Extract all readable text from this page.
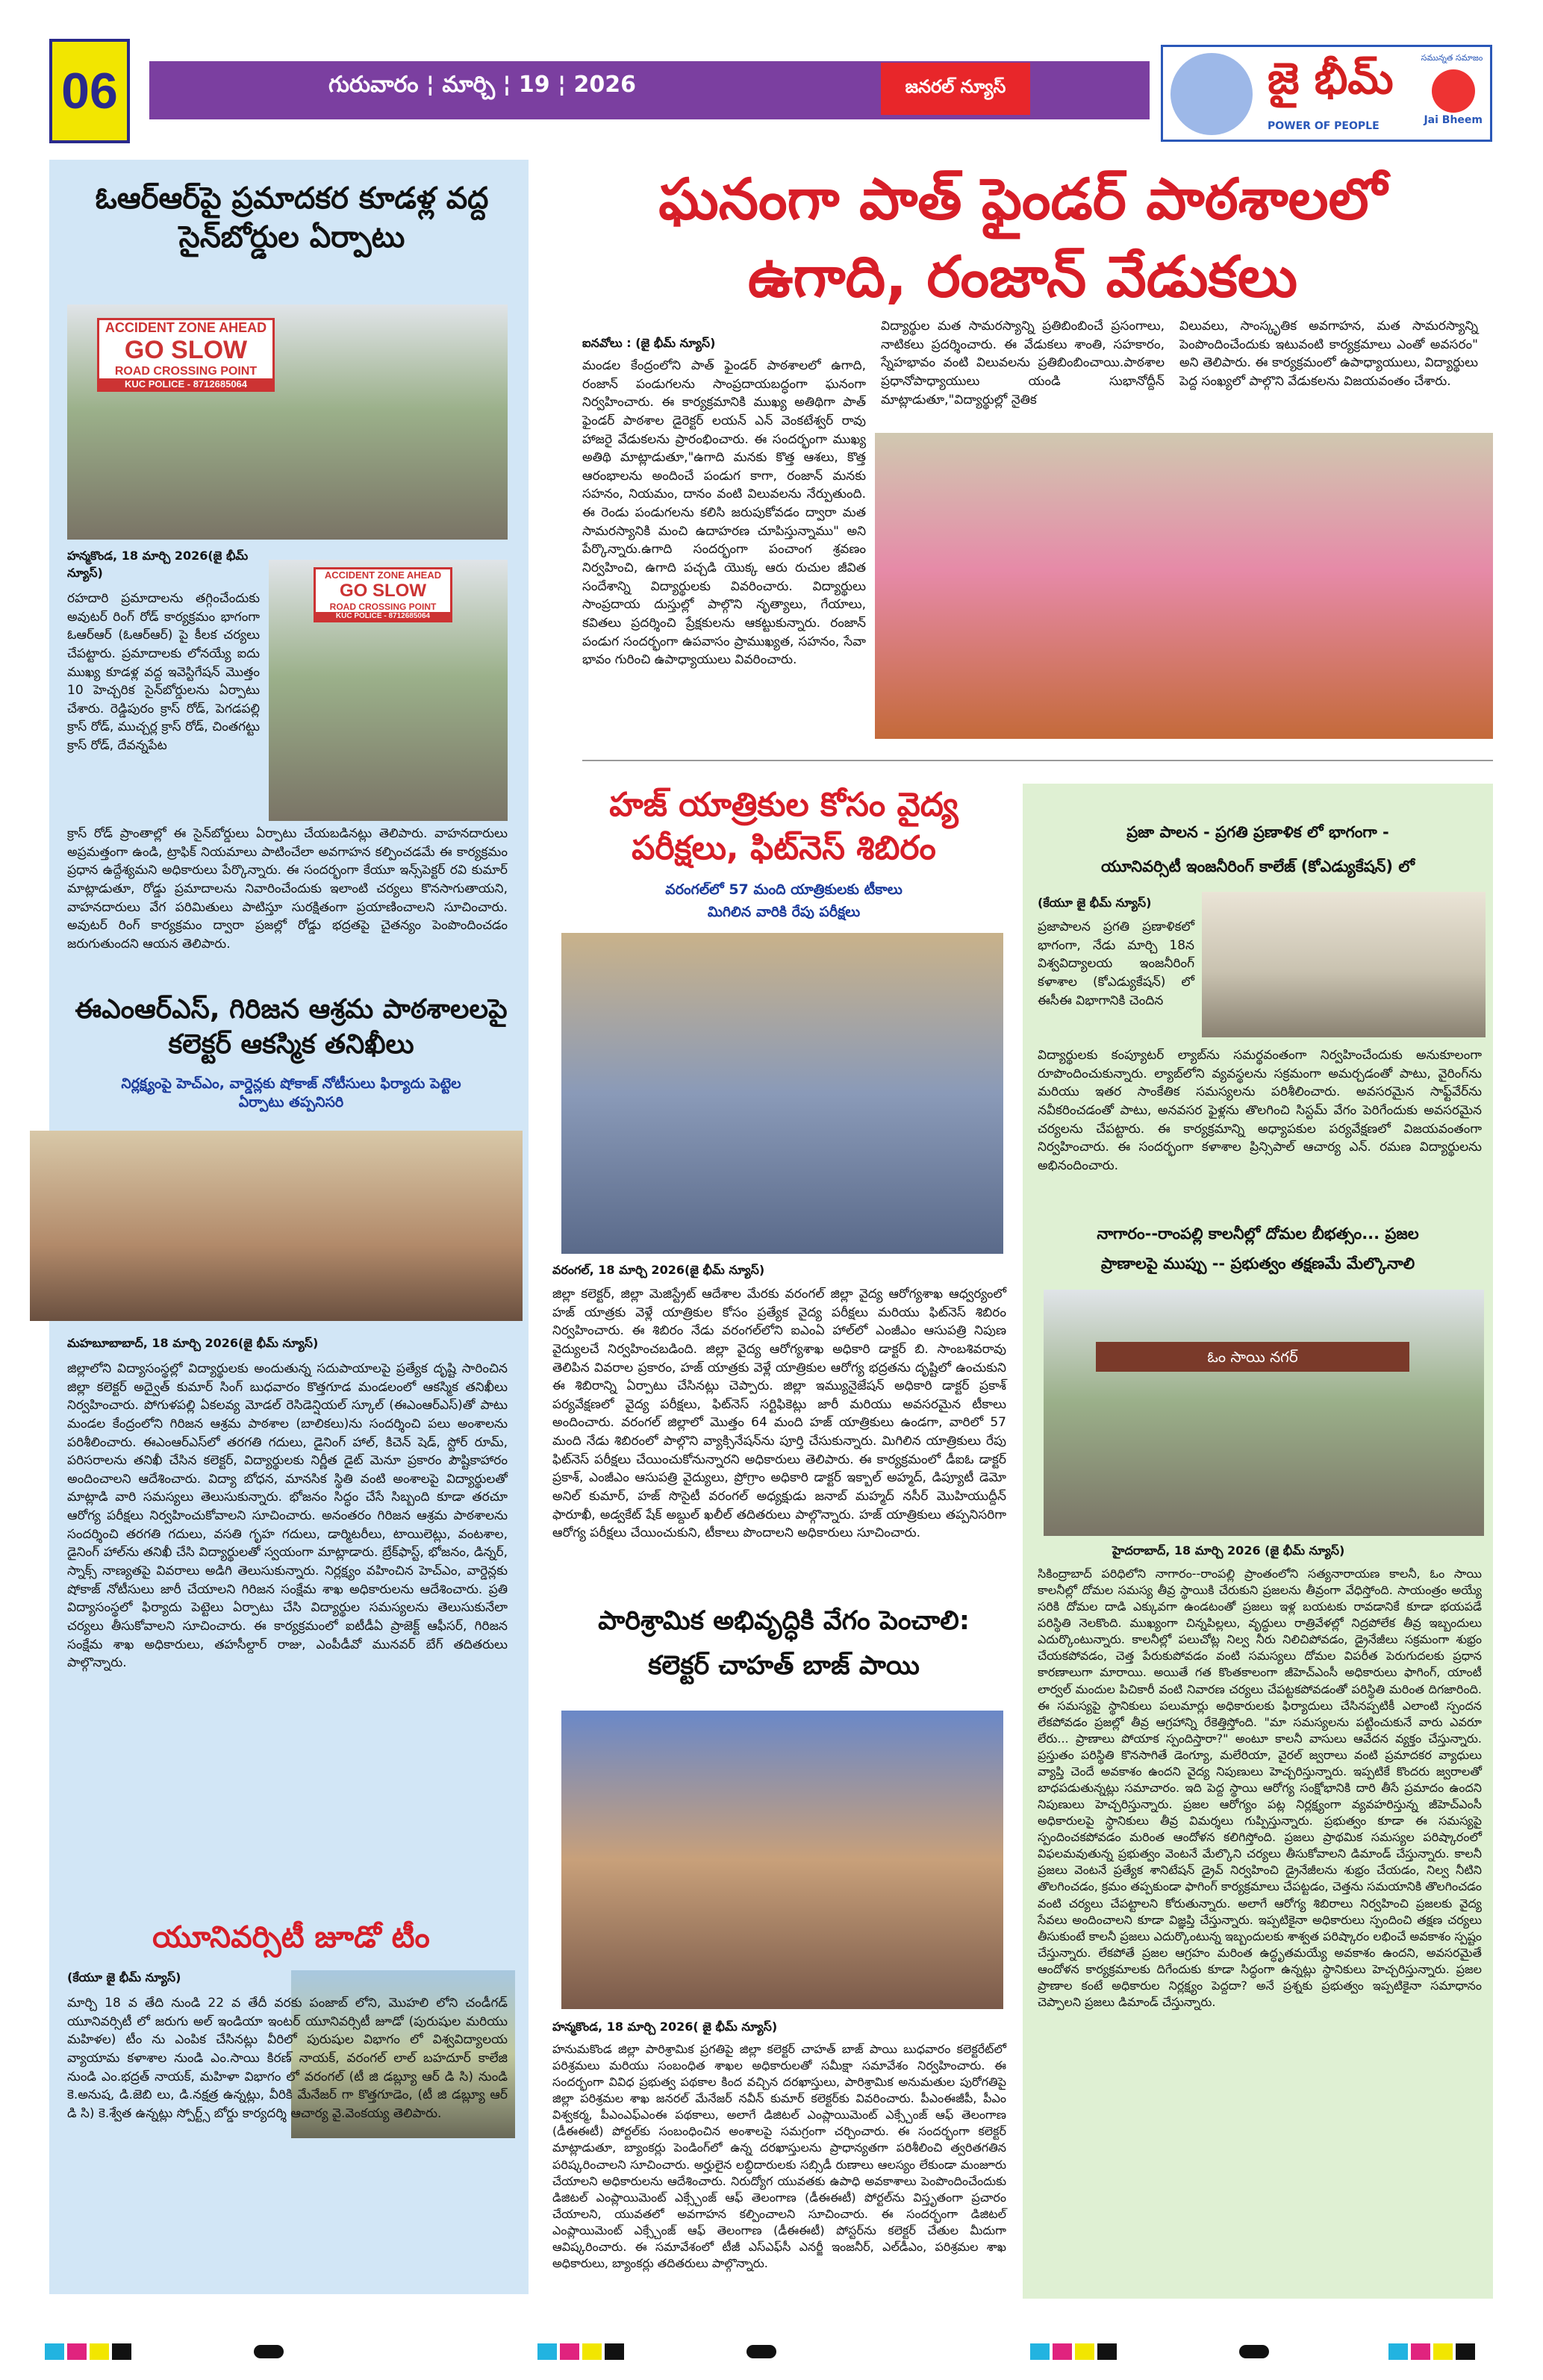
06	గురువారం ¦ మార్చి ¦ 19 ¦ 2026	జనరల్ న్యూస్	జై భీమ్
POWER OF PEOPLE
సమున్నత సమాజం
Jai Bheem
ఓఆర్ఆర్‌పై ప్రమాదకర కూడళ్ల వద్ద సైన్‌బోర్డుల ఏర్పాటు
ACCIDENT ZONE AHEAD
GO SLOW
ROAD CROSSING POINT
KUC POLICE - 8712685064
హన్మకొండ, 18 మార్చి 2026(జై భీమ్ న్యూస్)	ACCIDENT ZONE AHEAD
GO SLOW
ROAD CROSSING POINT
KUC POLICE - 8712685064
రహదారి ప్రమాదాలను తగ్గించేందుకు అవుటర్ రింగ్ రోడ్ కార్యక్రమం భాగంగా ఓఆర్ఆర్ (ఓఆర్ఆర్) పై కీలక చర్యలు చేపట్టారు. ప్రమాదాలకు లోనయ్యే ఐదు ముఖ్య కూడళ్ల వద్ద ఇవెస్టిగేషన్ మొత్తం 10 హెచ్చరిక సైన్‌బోర్డులను ఏర్పాటు చేశారు. రెడ్డిపురం క్రాస్ రోడ్, పెగడపల్లి క్రాస్ రోడ్, ముచ్చర్ల క్రాస్ రోడ్, చింతగట్టు క్రాస్ రోడ్, దేవన్నపేట
క్రాస్ రోడ్ ప్రాంతాల్లో ఈ సైన్‌బోర్డులు ఏర్పాటు చేయబడినట్లు తెలిపారు. వాహనదారులు అప్రమత్తంగా ఉండి, ట్రాఫిక్ నియమాలు పాటించేలా అవగాహన కల్పించడమే ఈ కార్యక్రమం ప్రధాన ఉద్దేశ్యమని అధికారులు పేర్కొన్నారు. ఈ సందర్భంగా కేయూ ఇన్స్‌పెక్టర్ రవి కుమార్ మాట్లాడుతూ, రోడ్డు ప్రమాదాలను నివారించేందుకు ఇలాంటి చర్యలు కొనసాగుతాయని, వాహనదారులు వేగ పరిమితులు పాటిస్తూ సురక్షితంగా ప్రయాణించాలని సూచించారు. అవుటర్ రింగ్ కార్యక్రమం ద్వారా ప్రజల్లో రోడ్డు భద్రతపై చైతన్యం పెంపొందించడం జరుగుతుందని ఆయన తెలిపారు.
ఈఎంఆర్ఎస్, గిరిజన ఆశ్రమ పాఠశాలలపై కలెక్టర్ ఆకస్మిక తనిఖీలు
నిర్లక్ష్యంపై హెచ్‌ఎం, వార్డెన్లకు షోకాజ్ నోటీసులు ఫిర్యాదు పెట్టెల ఏర్పాటు తప్పనిసరి
మహబూబాబాద్, 18 మార్చి 2026(జై భీమ్ న్యూస్)
జిల్లాలోని విద్యాసంస్థల్లో విద్యార్థులకు అందుతున్న సదుపాయాలపై ప్రత్యేక దృష్టి సారించిన జిల్లా కలెక్టర్ అద్వైత్ కుమార్ సింగ్ బుధవారం కొత్తగూడ మండలంలో ఆకస్మిక తనిఖీలు నిర్వహించారు. పోగుళపల్లి ఏకలవ్య మోడల్ రెసిడెన్షియల్ స్కూల్ (ఈఎంఆర్ఎస్)తో పాటు మండల కేంద్రంలోని గిరిజన ఆశ్రమ పాఠశాల (బాలికలు)ను సందర్శించి పలు అంశాలను పరిశీలించారు. ఈఎంఆర్ఎస్‌లో తరగతి గదులు, డైనింగ్ హాల్, కిచెన్ షెడ్, స్టోర్ రూమ్, పరిసరాలను తనిఖీ చేసిన కలెక్టర్, విద్యార్థులకు నిర్ణీత డైట్ మెనూ ప్రకారం పౌష్టికాహారం అందించాలని ఆదేశించారు. విద్యా బోధన, మానసిక స్థితి వంటి అంశాలపై విద్యార్థులతో మాట్లాడి వారి సమస్యలు తెలుసుకున్నారు. భోజనం సిద్ధం చేసే సిబ్బంది కూడా తరచూ ఆరోగ్య పరీక్షలు నిర్వహించుకోవాలని సూచించారు. అనంతరం గిరిజన ఆశ్రమ పాఠశాలను సందర్శించి తరగతి గదులు, వసతి గృహ గదులు, డార్మిటరీలు, టాయిలెట్లు, వంటశాల, డైనింగ్ హాల్‌ను తనిఖీ చేసి విద్యార్థులతో స్వయంగా మాట్లాడారు. బ్రేక్‌ఫాస్ట్, భోజనం, డిన్నర్, స్నాక్స్ నాణ్యతపై వివరాలు అడిగి తెలుసుకున్నారు. నిర్లక్ష్యం వహించిన హెచ్‌ఎం, వార్డెన్లకు షోకాజ్ నోటీసులు జారీ చేయాలని గిరిజన సంక్షేమ శాఖ అధికారులను ఆదేశించారు. ప్రతి విద్యాసంస్థలో ఫిర్యాదు పెట్టెలు ఏర్పాటు చేసి విద్యార్థుల సమస్యలను తెలుసుకునేలా చర్యలు తీసుకోవాలని సూచించారు. ఈ కార్యక్రమంలో ఐటీడీఏ ప్రాజెక్ట్ ఆఫీసర్, గిరిజన సంక్షేమ శాఖ అధికారులు, తహసీల్దార్ రాజు, ఎంపీడీవో మునవర్ బేగ్ తదితరులు పాల్గొన్నారు.
యూనివర్సిటీ జూడో టీం
(కేయూ జై భీమ్ న్యూస్)
మార్చి 18 వ తేది నుండి 22 వ తేదీ వరకు పంజాబ్ లోని, మొహలి లోని చండీగడ్ యూనివర్సిటీ లో జరుగు అల్ ఇండియా ఇంటర్ యూనివర్సిటీ జూడో (పురుషుల మరియు మహిళల) టీం ను ఎంపిక చేసినట్లు వీరిలో పురుషుల విభాగం లో విశ్వవిద్యాలయ వ్యాయామ కళాశాల నుండి ఎం.సాయి కిరణ్ నాయక్, వరంగల్ లాల్ బహదూర్ కాలేజి నుండి ఎం.భద్రత్ నాయక్, మహిళా విభాగం లో వరంగల్ (టీ జి డబ్ల్యూ ఆర్ డి సి) నుండి కె.అనుష, డి.జెబి లు, డి.నక్షత్ర ఉన్నట్లు, వీరికి మేనేజర్ గా కొత్తగూడెం, (టీ జి డబ్ల్యూ ఆర్ డి సి) కె.శ్వేత ఉన్నట్లు స్పోర్ట్స్ బోర్డు కార్యదర్శి ఆచార్య వై.వెంకయ్య తెలిపారు.
ఘనంగా పాత్ ఫైండర్ పాఠశాలలో
ఉగాది, రంజాన్ వేడుకలు
ఐనవోలు : (జై భీమ్ న్యూస్)
మండల కేంద్రంలోని పాత్ ఫైండర్ పాఠశాలలో ఉగాది, రంజాన్ పండుగలను సాంప్రదాయబద్ధంగా ఘనంగా నిర్వహించారు. ఈ కార్యక్రమానికి ముఖ్య అతిథిగా పాత్ ఫైండర్ పాఠశాల డైరెక్టర్ లయన్ ఎన్ వెంకటేశ్వర్ రావు హాజరై వేడుకలను ప్రారంభించారు. ఈ సందర్భంగా ముఖ్య అతిథి మాట్లాడుతూ,"ఉగాది మనకు కొత్త ఆశలు, కొత్త ఆరంభాలను అందించే పండుగ కాగా, రంజాన్ మనకు సహనం, నియమం, దానం వంటి విలువలను నేర్పుతుంది. ఈ రెండు పండుగలను కలిసి జరుపుకోవడం ద్వారా మత సామరస్యానికి మంచి ఉదాహరణ చూపిస్తున్నాము" అని పేర్కొన్నారు.ఉగాది సందర్భంగా పంచాంగ శ్రవణం నిర్వహించి, ఉగాది పచ్చడి యొక్క ఆరు రుచుల జీవిత సందేశాన్ని విద్యార్థులకు వివరించారు. విద్యార్థులు సాంప్రదాయ దుస్తుల్లో పాల్గొని నృత్యాలు, గేయాలు, కవితలు ప్రదర్శించి ప్రేక్షకులను ఆకట్టుకున్నారు. రంజాన్ పండుగ సందర్భంగా ఉపవాసం ప్రాముఖ్యత, సహనం, సేవా భావం గురించి ఉపాధ్యాయులు వివరించారు.
విద్యార్థుల మత సామరస్యాన్ని ప్రతిబింబించే ప్రసంగాలు, నాటికలు ప్రదర్శించారు. ఈ వేడుకలు శాంతి, సహకారం, స్నేహభావం వంటి విలువలను ప్రతిబింబించాయి.పాఠశాల ప్రధానోపాధ్యాయులు యండి సుభానోద్దీన్ మాట్లాడుతూ,"విద్యార్థుల్లో నైతిక
విలువలు, సాంస్కృతిక అవగాహన, మత సామరస్యాన్ని పెంపొందించేందుకు ఇటువంటి కార్యక్రమాలు ఎంతో అవసరం" అని తెలిపారు. ఈ కార్యక్రమంలో ఉపాధ్యాయులు, విద్యార్థులు పెద్ద సంఖ్యలో పాల్గొని వేడుకలను విజయవంతం చేశారు.
హజ్ యాత్రికుల కోసం వైద్య
పరీక్షలు, ఫిట్‌నెస్ శిబిరం
వరంగల్‌లో 57 మంది యాత్రికులకు టీకాలు
మిగిలిన వారికి రేపు పరీక్షలు
వరంగల్, 18 మార్చి 2026(జై భీమ్ న్యూస్)
జిల్లా కలెక్టర్, జిల్లా మెజిస్ట్రేట్ ఆదేశాల మేరకు వరంగల్ జిల్లా వైద్య ఆరోగ్యశాఖ ఆధ్వర్యంలో హజ్ యాత్రకు వెళ్లే యాత్రికుల కోసం ప్రత్యేక వైద్య పరీక్షలు మరియు ఫిట్‌నెస్ శిబిరం నిర్వహించారు. ఈ శిబిరం నేడు వరంగల్‌లోని ఐఎంఏ హాల్‌లో ఎంజీఎం ఆసుపత్రి నిపుణ వైద్యులచే నిర్వహించబడింది. జిల్లా వైద్య ఆరోగ్యశాఖ అధికారి డాక్టర్ బి. సాంబశివరావు తెలిపిన వివరాల ప్రకారం, హజ్ యాత్రకు వెళ్లే యాత్రికుల ఆరోగ్య భద్రతను దృష్టిలో ఉంచుకుని ఈ శిబిరాన్ని ఏర్పాటు చేసినట్లు చెప్పారు. జిల్లా ఇమ్యునైజేషన్ అధికారి డాక్టర్ ప్రకాశ్ పర్యవేక్షణలో వైద్య పరీక్షలు, ఫిట్‌నెస్ సర్టిఫికెట్లు జారీ మరియు అవసరమైన టీకాలు అందించారు. వరంగల్ జిల్లాలో మొత్తం 64 మంది హజ్ యాత్రికులు ఉండగా, వారిలో 57 మంది నేడు శిబిరంలో పాల్గొని వ్యాక్సినేషన్‌ను పూర్తి చేసుకున్నారు. మిగిలిన యాత్రికులు రేపు ఫిట్‌నెస్ పరీక్షలు చేయించుకోనున్నారని అధికారులు తెలిపారు. ఈ కార్యక్రమంలో డీఐఓ డాక్టర్ ప్రకాశ్, ఎంజీఎం ఆసుపత్రి వైద్యులు, ప్రోగ్రాం అధికారి డాక్టర్ ఇక్బాల్ అహ్మద్, డిప్యూటీ డెమో అనిల్ కుమార్, హజ్ సొసైటీ వరంగల్ అధ్యక్షుడు జనాబ్ మహ్మద్ నసీర్ మొహియుద్దీన్ ఫారూఖీ, అడ్వకేట్ షేక్ అబ్దుల్ ఖలీల్ తదితరులు పాల్గొన్నారు. హజ్ యాత్రికులు తప్పనిసరిగా ఆరోగ్య పరీక్షలు చేయించుకుని, టీకాలు పొందాలని అధికారులు సూచించారు.
పారిశ్రామిక అభివృద్ధికి వేగం పెంచాలి:
కలెక్టర్ చాహత్ బాజ్ పాయి
హన్మకొండ, 18 మార్చి 2026( జై భీమ్ న్యూస్)
హనుమకొండ జిల్లా పారిశ్రామిక ప్రగతిపై జిల్లా కలెక్టర్ చాహత్ బాజ్ పాయి బుధవారం కలెక్టరేట్‌లో పరిశ్రమలు మరియు సంబంధిత శాఖల అధికారులతో సమీక్షా సమావేశం నిర్వహించారు. ఈ సందర్భంగా వివిధ ప్రభుత్వ పథకాల కింద వచ్చిన దరఖాస్తులు, పారిశ్రామిక అనుమతుల పురోగతిపై జిల్లా పరిశ్రమల శాఖ జనరల్ మేనేజర్ నవీన్ కుమార్ కలెక్టర్‌కు వివరించారు. పీఎంఈజీపీ, పీఎం విశ్వకర్మ, పీఎంఎఫ్‌ఎంఈ పథకాలు, అలాగే డిజిటల్ ఎంప్లాయిమెంట్ ఎక్స్చేంజ్ ఆఫ్ తెలంగాణ (డీఈఈటీ) పోర్టల్‌కు సంబంధించిన అంశాలపై సమగ్రంగా చర్చించారు. ఈ సందర్భంగా కలెక్టర్ మాట్లాడుతూ, బ్యాంకర్లు పెండింగ్‌లో ఉన్న దరఖాస్తులను ప్రాధాన్యతగా పరిశీలించి త్వరితగతిన పరిష్కరించాలని సూచించారు. అర్హులైన లబ్ధిదారులకు సబ్సిడీ రుణాలు ఆలస్యం లేకుండా మంజూరు చేయాలని అధికారులను ఆదేశించారు. నిరుద్యోగ యువతకు ఉపాధి అవకాశాలు పెంపొందించేందుకు డిజిటల్ ఎంప్లాయిమెంట్ ఎక్స్చేంజ్ ఆఫ్ తెలంగాణ (డీఈఈటీ) పోర్టల్‌ను విస్తృతంగా ప్రచారం చేయాలని, యువతలో అవగాహన కల్పించాలని సూచించారు. ఈ సందర్భంగా డిజిటల్ ఎంప్లాయిమెంట్ ఎక్స్చేంజ్ ఆఫ్ తెలంగాణ (డీఈఈటీ) పోస్టర్‌ను కలెక్టర్ చేతుల మీదుగా ఆవిష్కరించారు. ఈ సమావేశంలో టీజీ ఎస్‌ఎఫ్‌సీ ఎనర్జీ ఇంజనీర్, ఎల్‌డీఎం, పరిశ్రమల శాఖ అధికారులు, బ్యాంకర్లు తదితరులు పాల్గొన్నారు.
ప్రజా పాలన - ప్రగతి ప్రణాళిక లో భాగంగా -
యూనివర్సిటీ ఇంజనీరింగ్ కాలేజ్ (కోఎడ్యుకేషన్) లో
(కేయూ జై భీమ్ న్యూస్)
ప్రజాపాలన ప్రగతి ప్రణాళికలో భాగంగా, నేడు మార్చి 18న విశ్వవిద్యాలయ ఇంజనీరింగ్ కళాశాల (కోఎడ్యుకేషన్) లో ఈసీఈ విభాగానికి చెందిన
విద్యార్థులకు కంప్యూటర్ ల్యాబ్‌ను సమర్థవంతంగా నిర్వహించేందుకు అనుకూలంగా రూపొందించుకున్నారు. ల్యాబ్‌లోని వ్యవస్థలను సక్రమంగా అమర్చడంతో పాటు, వైరింగ్‌ను మరియు ఇతర సాంకేతిక సమస్యలను పరిశీలించారు. అవసరమైన సాఫ్ట్‌వేర్‌ను నవీకరించడంతో పాటు, అనవసర ఫైళ్లను తొలగించి సిస్టమ్ వేగం పెరిగేందుకు అవసరమైన చర్యలను చేపట్టారు. ఈ కార్యక్రమాన్ని అధ్యాపకుల పర్యవేక్షణలో విజయవంతంగా నిర్వహించారు. ఈ సందర్భంగా కళాశాల ప్రిన్సిపాల్ ఆచార్య ఎన్. రమణ విద్యార్థులను అభినందించారు.
నాగారం--రాంపల్లి కాలనీల్లో దోమల బీభత్సం... ప్రజల
ప్రాణాలపై ముప్పు -- ప్రభుత్వం తక్షణమే మేల్కొనాలి
ఓం సాయి నగర్
హైదరాబాద్, 18 మార్చి 2026 (జై భీమ్ న్యూస్)
సికింద్రాబాద్ పరిధిలోని నాగారం--రాంపల్లి ప్రాంతంలోని సత్యనారాయణ కాలనీ, ఓం సాయి కాలనీల్లో దోమల సమస్య తీవ్ర స్థాయికి చేరుకుని ప్రజలను తీవ్రంగా వేధిస్తోంది. సాయంత్రం అయ్యే సరికి దోమల దాడి ఎక్కువగా ఉండటంతో ప్రజలు ఇళ్ల బయటకు రావడానికే కూడా భయపడే పరిస్థితి నెలకొంది. ముఖ్యంగా చిన్నపిల్లలు, వృద్ధులు రాత్రివేళల్లో నిద్రపోలేక తీవ్ర ఇబ్బందులు ఎదుర్కొంటున్నారు. కాలనీల్లో పలుచోట్ల నిల్వ నీరు నిలిచిపోవడం, డ్రైనేజీలు సక్రమంగా శుభ్రం చేయకపోవడం, చెత్త పేరుకుపోవడం వంటి సమస్యలు దోమల విపరీత పెరుగుదలకు ప్రధాన కారణాలుగా మారాయి. అయితే గత కొంతకాలంగా జీహెచ్‌ఎంసీ అధికారులు ఫాగింగ్, యాంటీ లార్వల్ మందుల పిచికారీ వంటి నివారణ చర్యలు చేపట్టకపోవడంతో పరిస్థితి మరింత దిగజారింది. ఈ సమస్యపై స్థానికులు పలుమార్లు అధికారులకు ఫిర్యాదులు చేసినప్పటికీ ఎలాంటి స్పందన లేకపోవడం ప్రజల్లో తీవ్ర ఆగ్రహాన్ని రేకెత్తిస్తోంది. "మా సమస్యలను పట్టించుకునే వారు ఎవరూ లేరు... ప్రాణాలు పోయాక స్పందిస్తారా?" అంటూ కాలనీ వాసులు ఆవేదన వ్యక్తం చేస్తున్నారు. ప్రస్తుతం పరిస్థితి కొనసాగితే డెంగ్యూ, మలేరియా, వైరల్ జ్వరాలు వంటి ప్రమాదకర వ్యాధులు వ్యాప్తి చెందే అవకాశం ఉందని వైద్య నిపుణులు హెచ్చరిస్తున్నారు. ఇప్పటికే కొందరు జ్వరాలతో బాధపడుతున్నట్లు సమాచారం. ఇది పెద్ద స్థాయి ఆరోగ్య సంక్షోభానికి దారి తీసే ప్రమాదం ఉందని నిపుణులు హెచ్చరిస్తున్నారు. ప్రజల ఆరోగ్యం పట్ల నిర్లక్ష్యంగా వ్యవహరిస్తున్న జీహెచ్‌ఎంసీ అధికారులపై స్థానికులు తీవ్ర విమర్శలు గుప్పిస్తున్నారు. ప్రభుత్వం కూడా ఈ సమస్యపై స్పందించకపోవడం మరింత ఆందోళన కలిగిస్తోంది. ప్రజలు ప్రాథమిక సమస్యల పరిష్కారంలో విఫలమవుతున్న ప్రభుత్వం వెంటనే మేల్కొని చర్యలు తీసుకోవాలని డిమాండ్ చేస్తున్నారు. కాలనీ ప్రజలు వెంటనే ప్రత్యేక శానిటేషన్ డ్రైవ్ నిర్వహించి డ్రైనేజీలను శుభ్రం చేయడం, నిల్వ నీటిని తొలగించడం, క్రమం తప్పకుండా ఫాగింగ్ కార్యక్రమాలు చేపట్టడం, చెత్తను సమయానికి తొలగించడం వంటి చర్యలు చేపట్టాలని కోరుతున్నారు. అలాగే ఆరోగ్య శిబిరాలు నిర్వహించి ప్రజలకు వైద్య సేవలు అందించాలని కూడా విజ్ఞప్తి చేస్తున్నారు. ఇప్పటికైనా అధికారులు స్పందించి తక్షణ చర్యలు తీసుకుంటే కాలనీ ప్రజలు ఎదుర్కొంటున్న ఇబ్బందులకు శాశ్వత పరిష్కారం లభించే అవకాశం స్పష్టం చేస్తున్నారు. లేకపోతే ప్రజల ఆగ్రహం మరింత ఉద్ధృతమయ్యే అవకాశం ఉందని, అవసరమైతే ఆందోళన కార్యక్రమాలకు దిగేందుకు కూడా సిద్ధంగా ఉన్నట్లు స్థానికులు హెచ్చరిస్తున్నారు. ప్రజల ప్రాణాల కంటే అధికారుల నిర్లక్ష్యం పెద్దదా? అనే ప్రశ్నకు ప్రభుత్వం ఇప్పటికైనా సమాధానం చెప్పాలని ప్రజలు డిమాండ్ చేస్తున్నారు.
